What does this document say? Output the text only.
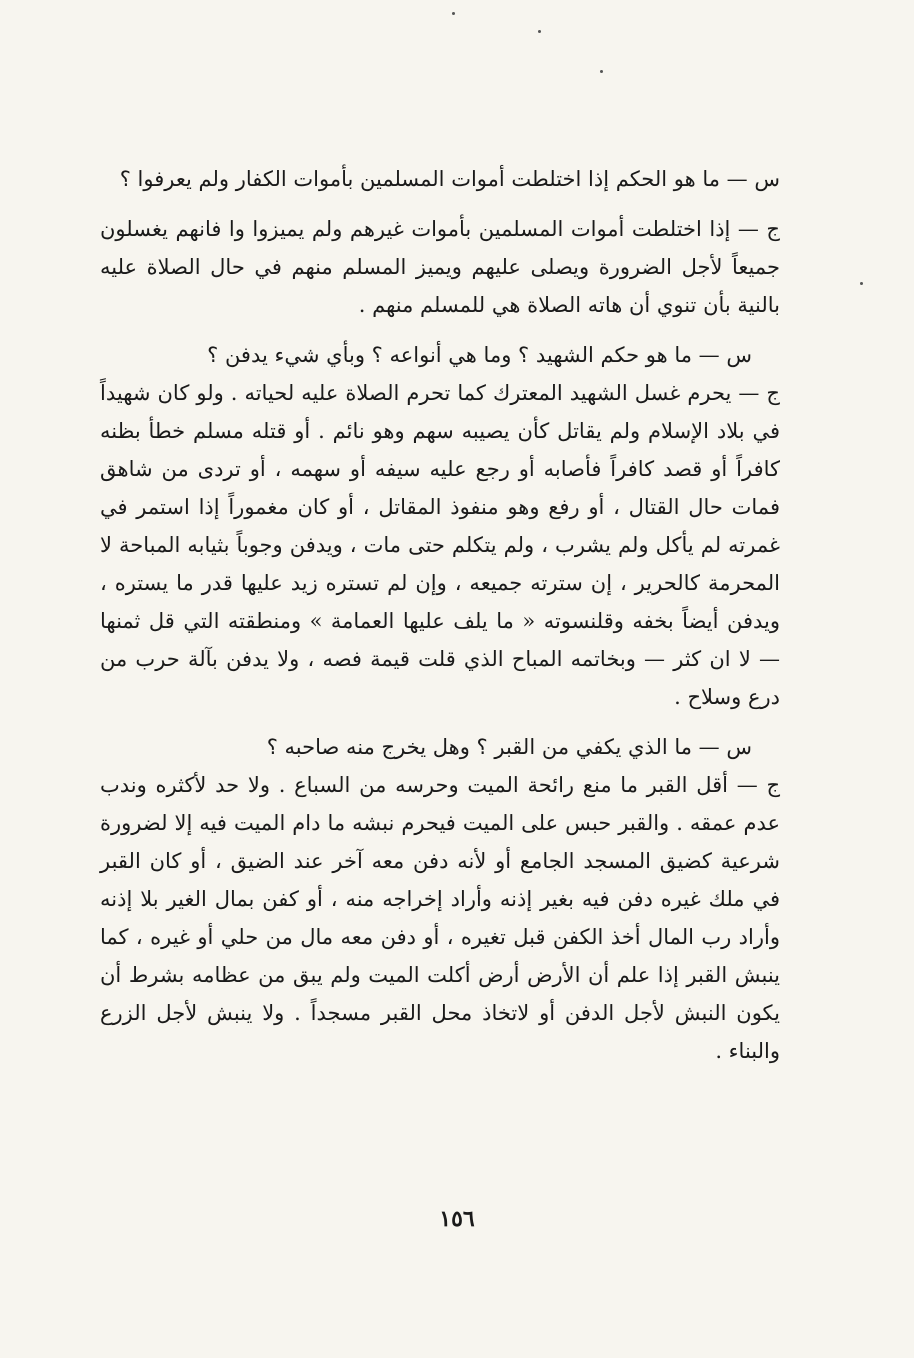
س — ما هو الحكم إذا اختلطت أموات المسلمين بأموات الكفار ولم يعرفوا ؟

ج — إذا اختلطت أموات المسلمين بأموات غيرهم ولم يميزوا وا فانهم يغسلون جميعاً لأجل الضرورة ويصلى عليهم ويميز المسلم منهم في حال الصلاة عليه بالنية بأن تنوي أن هاته الصلاة هي للمسلم منهم .

س — ما هو حكم الشهيد ؟ وما هي أنواعه ؟ وبأي شيء يدفن ؟

ج — يحرم غسل الشهيد المعترك كما تحرم الصلاة عليه لحياته . ولو كان شهيداً في بلاد الإسلام ولم يقاتل كأن يصيبه سهم وهو نائم . أو قتله مسلم خطأ بظنه كافراً أو قصد كافراً فأصابه أو رجع عليه سيفه أو سهمه ، أو تردى من شاهق فمات حال القتال ، أو رفع وهو منفوذ المقاتل ، أو كان مغموراً إذا استمر في غمرته لم يأكل ولم يشرب ، ولم يتكلم حتى مات ، ويدفن وجوباً بثيابه المباحة لا المحرمة كالحرير ، إن سترته جميعه ، وإن لم تستره زيد عليها قدر ما يستره ، ويدفن أيضاً بخفه وقلنسوته « ما يلف عليها العمامة » ومنطقته التي قل ثمنها — لا ان كثر — وبخاتمه المباح الذي قلت قيمة فصه ، ولا يدفن بآلة حرب من درع وسلاح .

س — ما الذي يكفي من القبر ؟ وهل يخرج منه صاحبه ؟

ج — أقل القبر ما منع رائحة الميت وحرسه من السباع . ولا حد لأكثره وندب عدم عمقه . والقبر حبس على الميت فيحرم نبشه ما دام الميت فيه إلا لضرورة شرعية كضيق المسجد الجامع أو لأنه دفن معه آخر عند الضيق ، أو كان القبر في ملك غيره دفن فيه بغير إذنه وأراد إخراجه منه ، أو كفن بمال الغير بلا إذنه وأراد رب المال أخذ الكفن قبل تغيره ، أو دفن معه مال من حلي أو غيره ، كما ينبش القبر إذا علم أن الأرض أرض أكلت الميت ولم يبق من عظامه بشرط أن يكون النبش لأجل الدفن أو لاتخاذ محل القبر مسجداً . ولا ينبش لأجل الزرع والبناء .

١٥٦
